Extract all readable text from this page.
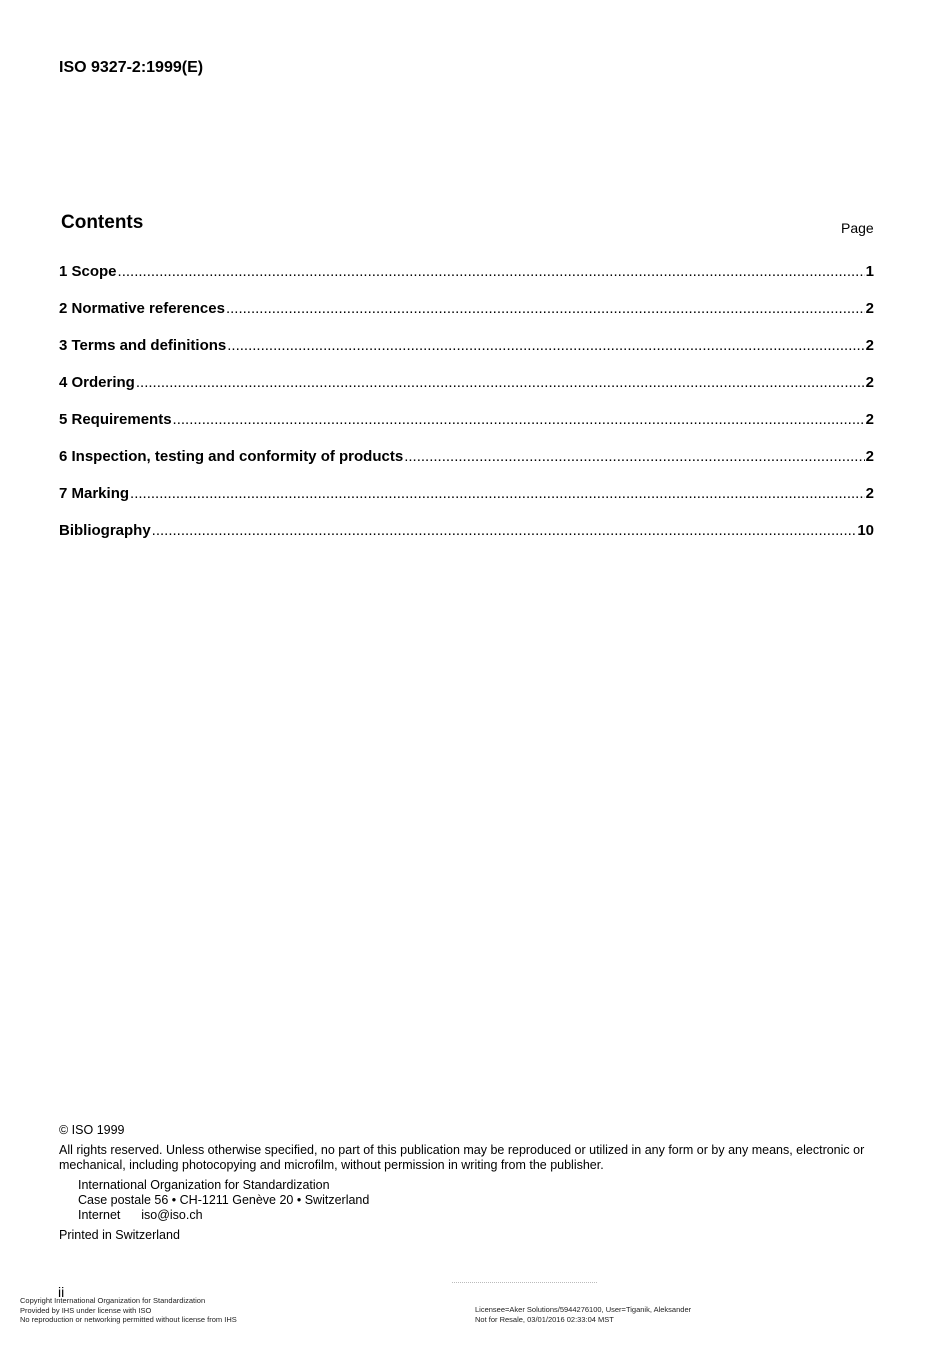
ISO 9327-2:1999(E)
Contents	Page
1 Scope .....	1
2 Normative references .....	2
3 Terms and definitions .....	2
4 Ordering .....	2
5 Requirements .....	2
6 Inspection, testing and conformity of products .....	2
7 Marking .....	2
Bibliography .....	10
© ISO 1999
All rights reserved. Unless otherwise specified, no part of this publication may be reproduced or utilized in any form or by any means, electronic or mechanical, including photocopying and microfilm, without permission in writing from the publisher.
International Organization for Standardization
Case postale 56 • CH-1211 Genève 20 • Switzerland
Internet      iso@iso.ch
Printed in Switzerland
ii
Copyright International Organization for Standardization
Provided by IHS under license with ISO
No reproduction or networking permitted without license from IHS
Licensee=Aker Solutions/5944276100, User=Tiganik, Aleksander
Not for Resale, 03/01/2016 02:33:04 MST
